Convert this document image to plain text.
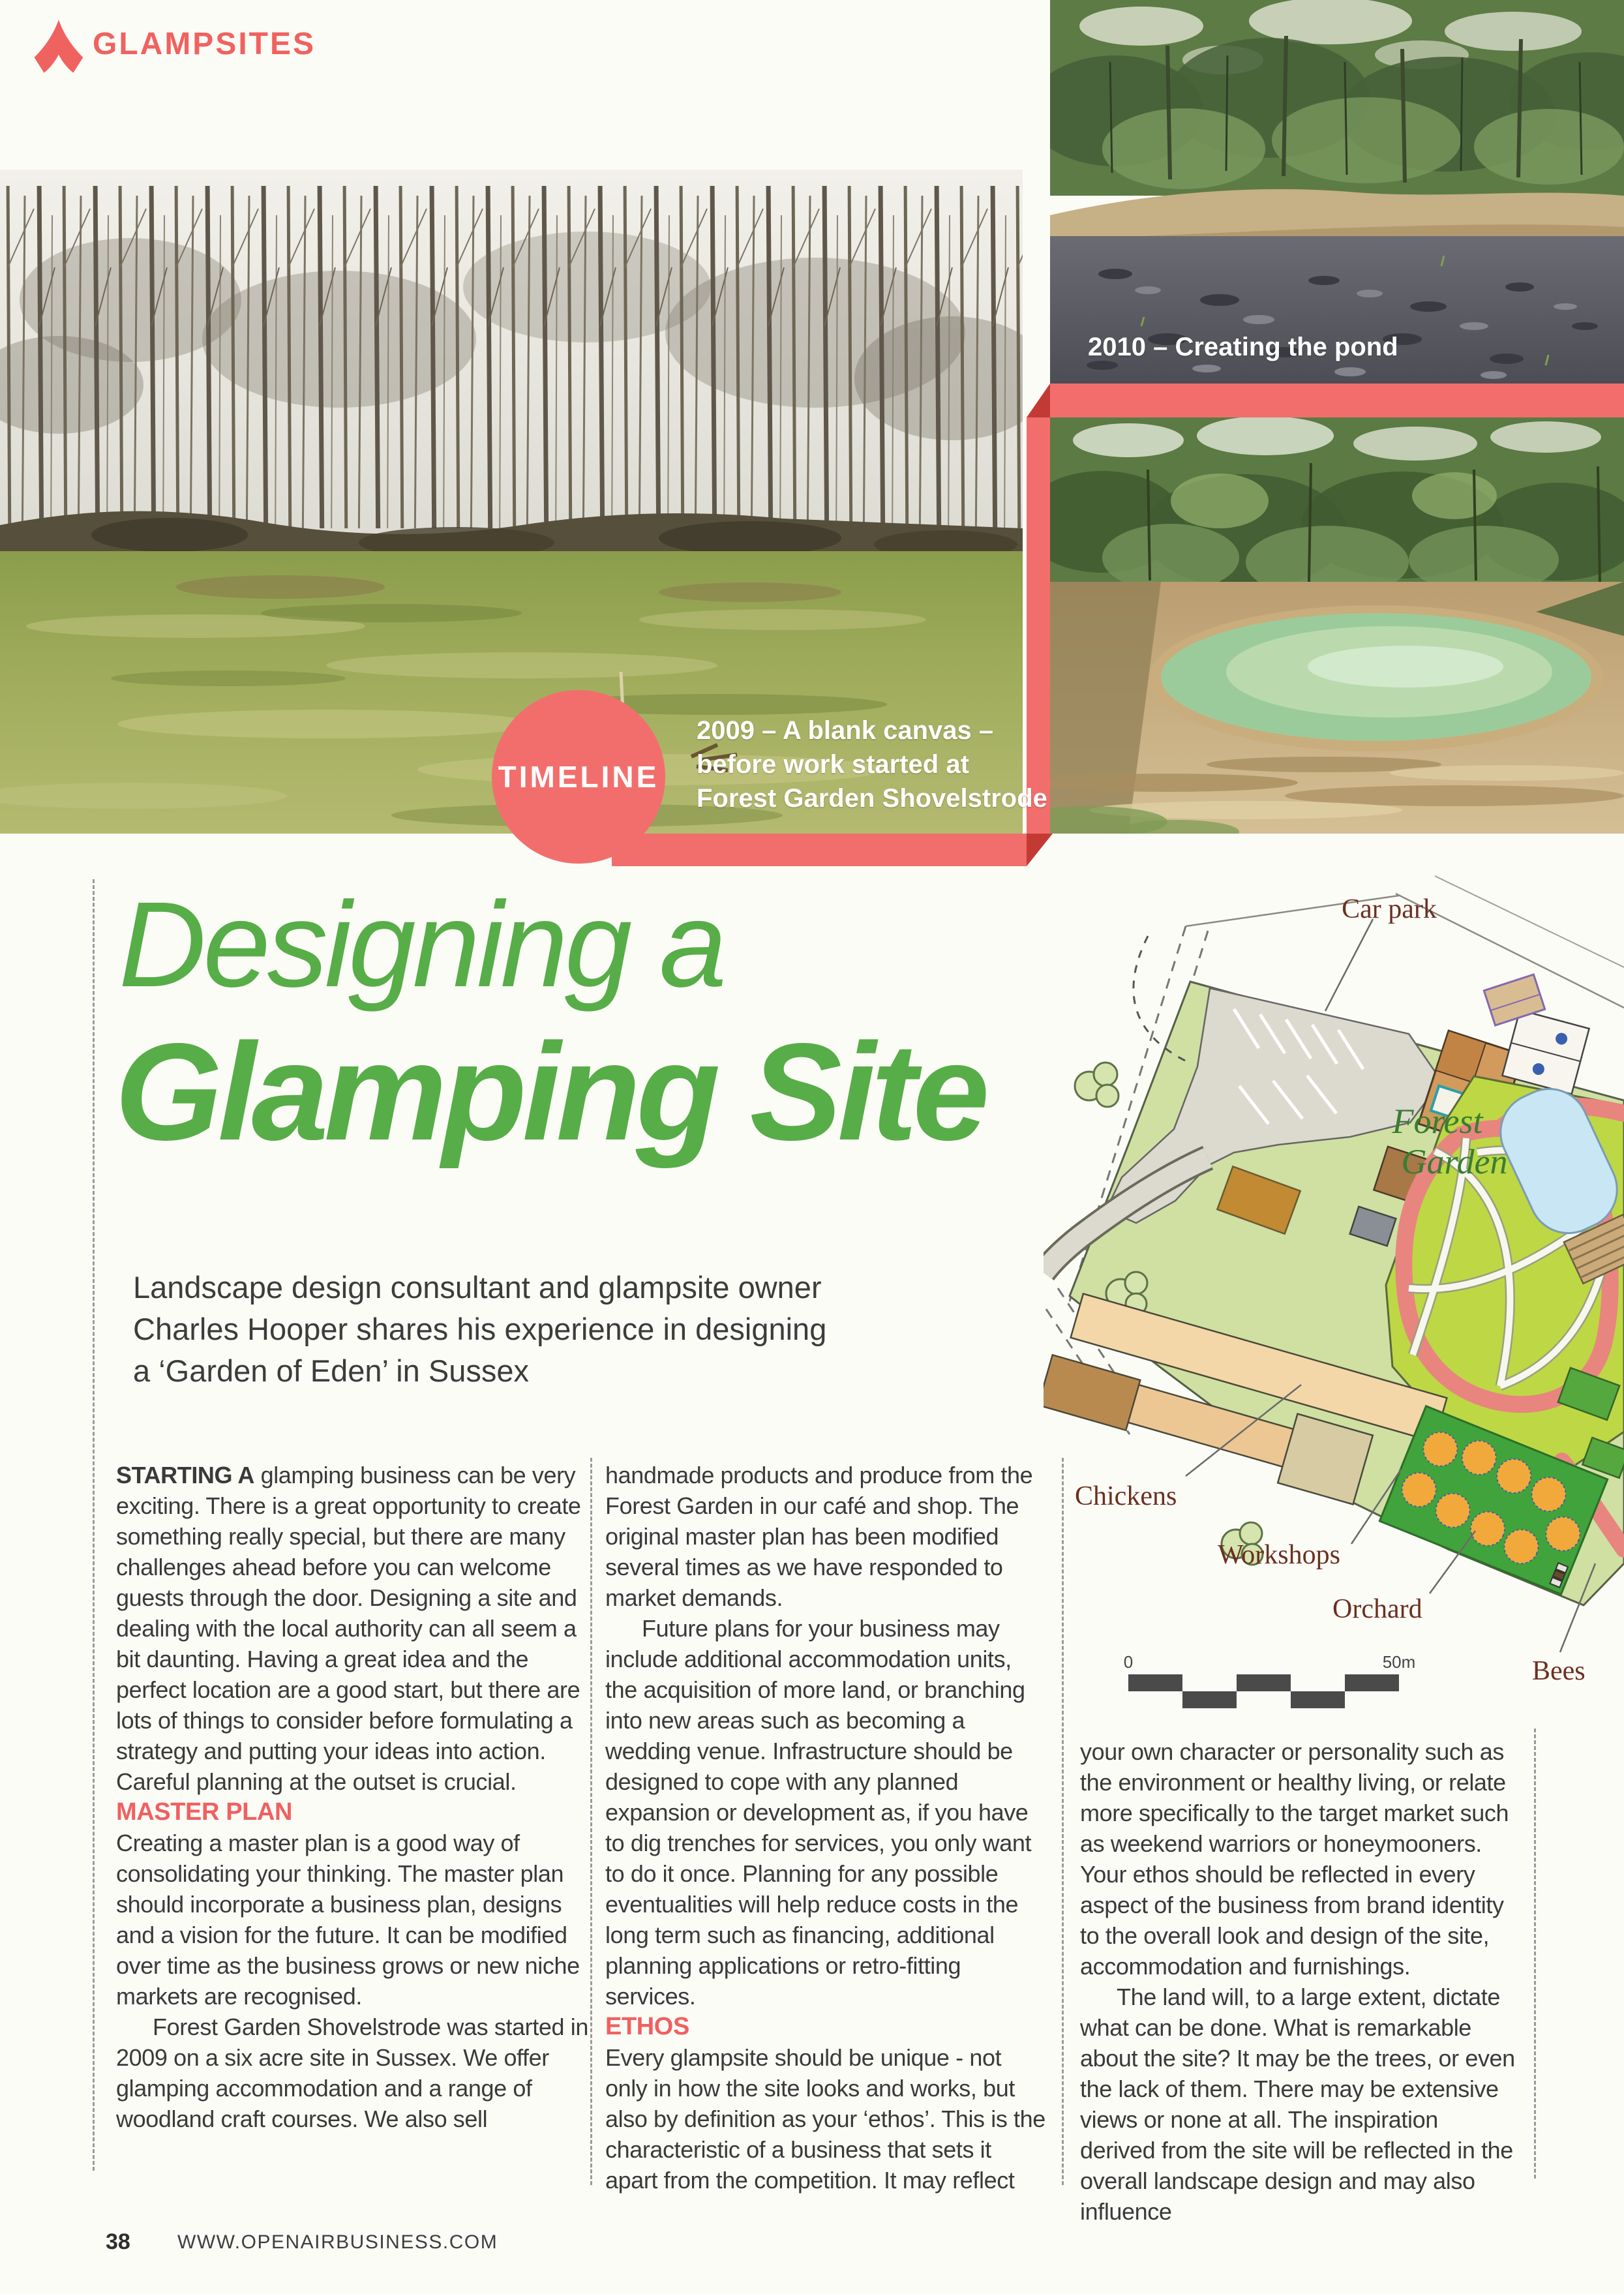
GLAMPSITES
TIMELINE
2010 – Creating the pond
2009 – A blank canvas –
before work started at
Forest Garden Shovelstrode
Designing a
Glamping Site
Landscape design consultant and glampsite owner
Charles Hooper shares his experience in designing
a ‘Garden of Eden’ in Sussex
Car park
Chickens
Workshops
Orchard
Bees
Forest
Garden
0	50m

STARTING A glamping business can be very exciting. There is a great opportunity to create something really special, but there are many challenges ahead before you can welcome guests through the door. Designing a site and dealing with the local authority can all seem a bit daunting. Having a great idea and the perfect location are a good start, but there are lots of things to consider before formulating a strategy and putting your ideas into action. Careful planning at the outset is crucial.

MASTER PLAN

Creating a master plan is a good way of consolidating your thinking. The master plan should incorporate a business plan, designs and a vision for the future. It can be modified over time as the business grows or new niche markets are recognised.

Forest Garden Shovelstrode was started in 2009 on a six acre site in Sussex. We offer glamping accommodation and a range of woodland craft courses. We also sell

handmade products and produce from the Forest Garden in our café and shop. The original master plan has been modified several times as we have responded to market demands.

Future plans for your business may include additional accommodation units, the acquisition of more land, or branching into new areas such as becoming a wedding venue. Infrastructure should be designed to cope with any planned expansion or development as, if you have to dig trenches for services, you only want to do it once. Planning for any possible eventualities will help reduce costs in the long term such as financing, additional planning applications or retro-fitting services.

ETHOS

Every glampsite should be unique - not only in how the site looks and works, but also by definition as your ‘ethos’. This is the characteristic of a business that sets it apart from the competition. It may reflect

your own character or personality such as the environment or healthy living, or relate more specifically to the target market such as weekend warriors or honeymooners. Your ethos should be reflected in every aspect of the business from brand identity to the overall look and design of the site, accommodation and furnishings.

The land will, to a large extent, dictate what can be done. What is remarkable about the site? It may be the trees, or even the lack of them. There may be extensive views or none at all. The inspiration derived from the site will be reflected in the overall landscape design and may also influence

38 WWW.OPENAIRBUSINESS.COM
